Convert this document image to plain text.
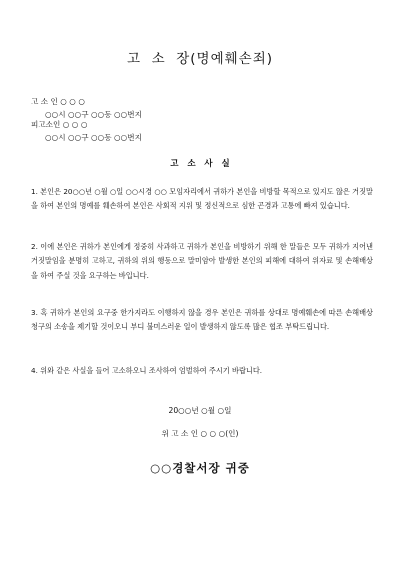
고  소  장(명예훼손죄)
고 소 인 ○ ○ ○
○○시 ○○구 ○○동 ○○번지
피고소인 ○ ○ ○
○○시 ○○구 ○○동 ○○번지
고   소   사   실
1. 본인은 20○○년 ○월 ○일 ○○시경 ○○ 모임자리에서 귀하가 본인을 비방할 목적으로 있지도 않은 거짓말을 하여 본인의 명예를 훼손하여 본인은 사회적 지위 및 정신적으로 심한 곤경과 고통에 빠져 있습니다.
2. 이에 본인은 귀하가 본인에게 정중히 사과하고 귀하가 본인을 비방하기 위해 한 말들은 모두 귀하가 지어낸 거짓말임을 분명히 고하고, 귀하의 위의 행동으로 말미암아 발생한 본인의 피해에 대하여 위자료 및 손해배상을 하여 주실 것을 요구하는 바입니다.
3. 혹 귀하가 본인의 요구중 한가지라도 이행하지 않을 경우 본인은 귀하를 상대로 명예훼손에 따른 손해배상청구의 소송을 제기할 것이오니 부디 불미스러운 일이 발생하지 않도록 많은 협조 부탁드립니다.
4. 위와 같은 사실을 들어 고소하오니 조사하여 엄벌하여 주시기 바랍니다.
20○○년 ○월 ○일
위 고 소 인 ○ ○ ○(인)
○○경찰서장 귀중
